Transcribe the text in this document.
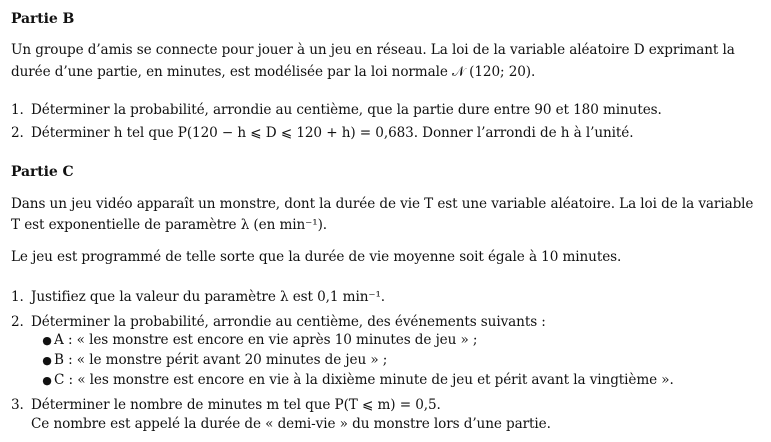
Partie B
Un groupe d’amis se connecte pour jouer à un jeu en réseau. La loi de la variable aléatoire D exprimant la
durée d’une partie, en minutes, est modélisée par la loi normale 𝒩 (120; 20).
1. Déterminer la probabilité, arrondie au centième, que la partie dure entre 90 et 180 minutes.
2. Déterminer h tel que P(120 − h ⩽ D ⩽ 120 + h) = 0,683. Donner l’arrondi de h à l’unité.
Partie C
Dans un jeu vidéo apparaît un monstre, dont la durée de vie T est une variable aléatoire. La loi de la variable
T est exponentielle de paramètre λ (en min⁻¹).
Le jeu est programmé de telle sorte que la durée de vie moyenne soit égale à 10 minutes.
1. Justifiez que la valeur du paramètre λ est 0,1 min⁻¹.
2. Déterminer la probabilité, arrondie au centième, des événements suivants :
● A : « les monstre est encore en vie après 10 minutes de jeu » ;
● B : « le monstre périt avant 20 minutes de jeu » ;
● C : « les monstre est encore en vie à la dixième minute de jeu et périt avant la vingtième ».
3. Déterminer le nombre de minutes m tel que P(T ⩽ m) = 0,5.
Ce nombre est appelé la durée de « demi-vie » du monstre lors d’une partie.
